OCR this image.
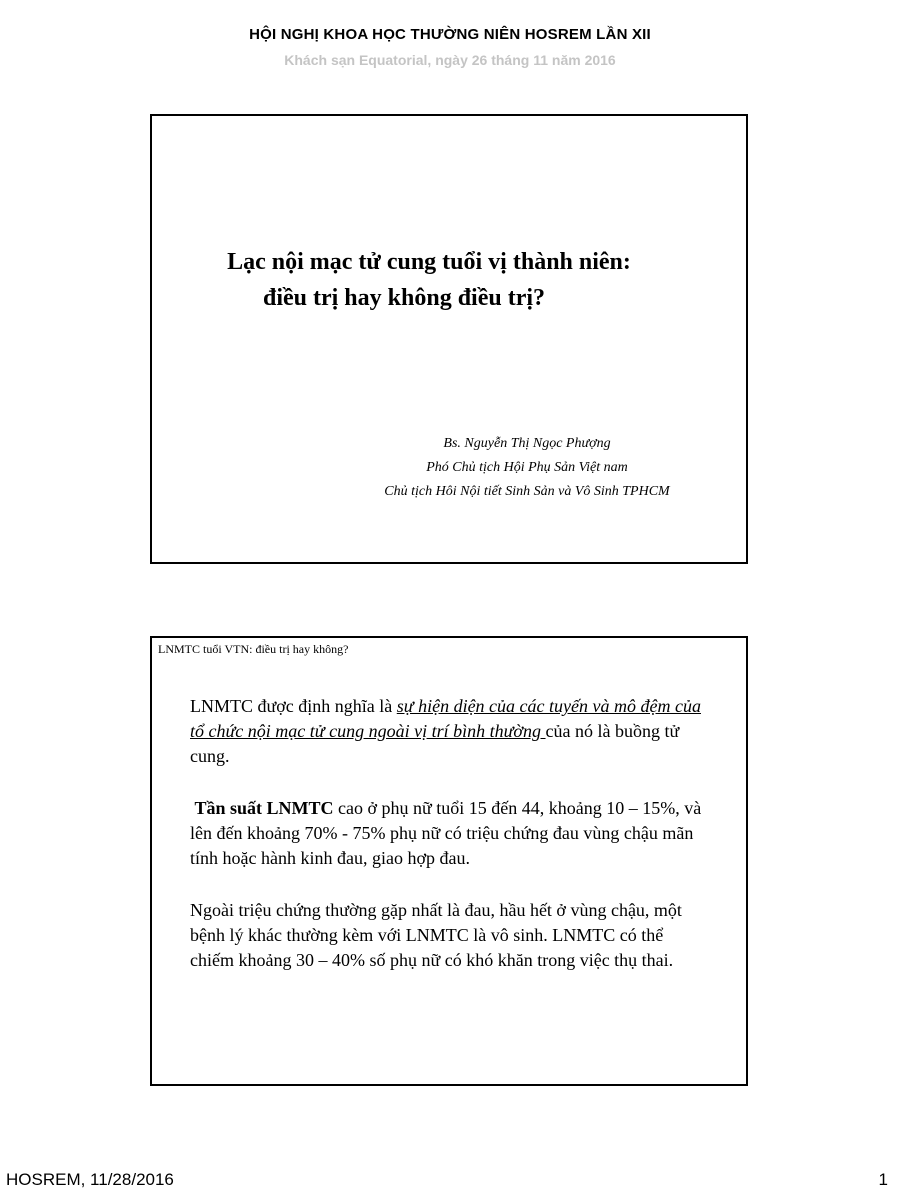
HỘI NGHỊ KHOA HỌC THƯỜNG NIÊN HOSREM LẦN XII
Khách sạn Equatorial, ngày 26 tháng 11 năm 2016
Lạc nội mạc tử cung tuổi vị thành niên:
điều trị hay không điều trị?
Bs. Nguyễn Thị Ngọc Phượng
Phó Chủ tịch Hội Phụ Sản Việt nam
Chủ tịch Hôi Nội tiết Sinh Sản và Vô Sinh TPHCM
LNMTC tuổi VTN: điều trị hay không?

LNMTC được định nghĩa là sự hiện diện của các tuyến và mô đệm của tổ chức nội mạc tử cung ngoài vị trí bình thường của nó là buồng tử cung.

Tần suất LNMTC cao ở phụ nữ tuổi 15 đến 44, khoảng 10 – 15%, và lên đến khoảng 70% - 75% phụ nữ có triệu chứng đau vùng chậu mãn tính hoặc hành kinh đau, giao hợp đau.

Ngoài triệu chứng thường gặp nhất là đau, hầu hết ở vùng chậu, một bệnh lý khác thường kèm với LNMTC là vô sinh. LNMTC có thể chiếm khoảng 30 – 40% số phụ nữ có khó khăn trong việc thụ thai.

HOSREM, 11/28/2016	1
